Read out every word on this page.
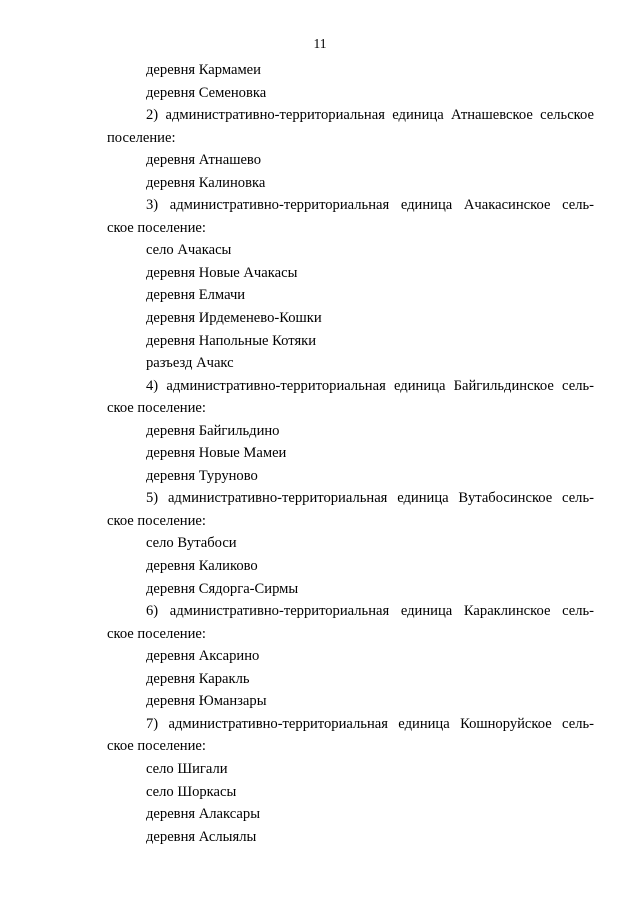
11
деревня Кармамеи
деревня Семеновка
2) административно-территориальная единица Атнашевское сельское
поселение:
деревня Атнашево
деревня Калиновка
3) административно-территориальная единица Ачакасинское сель-
ское поселение:
село Ачакасы
деревня Новые Ачакасы
деревня Елмачи
деревня Ирдеменево-Кошки
деревня Напольные Котяки
разъезд Ачакс
4) административно-территориальная единица Байгильдинское сель-
ское поселение:
деревня Байгильдино
деревня Новые Мамеи
деревня Туруново
5) административно-территориальная единица Вутабосинское сель-
ское поселение:
село Вутабоси
деревня Каликово
деревня Сядорга-Сирмы
6) административно-территориальная единица Караклинское сель-
ское поселение:
деревня Аксарино
деревня Каракль
деревня Юманзары
7) административно-территориальная единица Кошноруйское сель-
ское поселение:
село Шигали
село Шоркасы
деревня Алаксары
деревня Аслыялы
